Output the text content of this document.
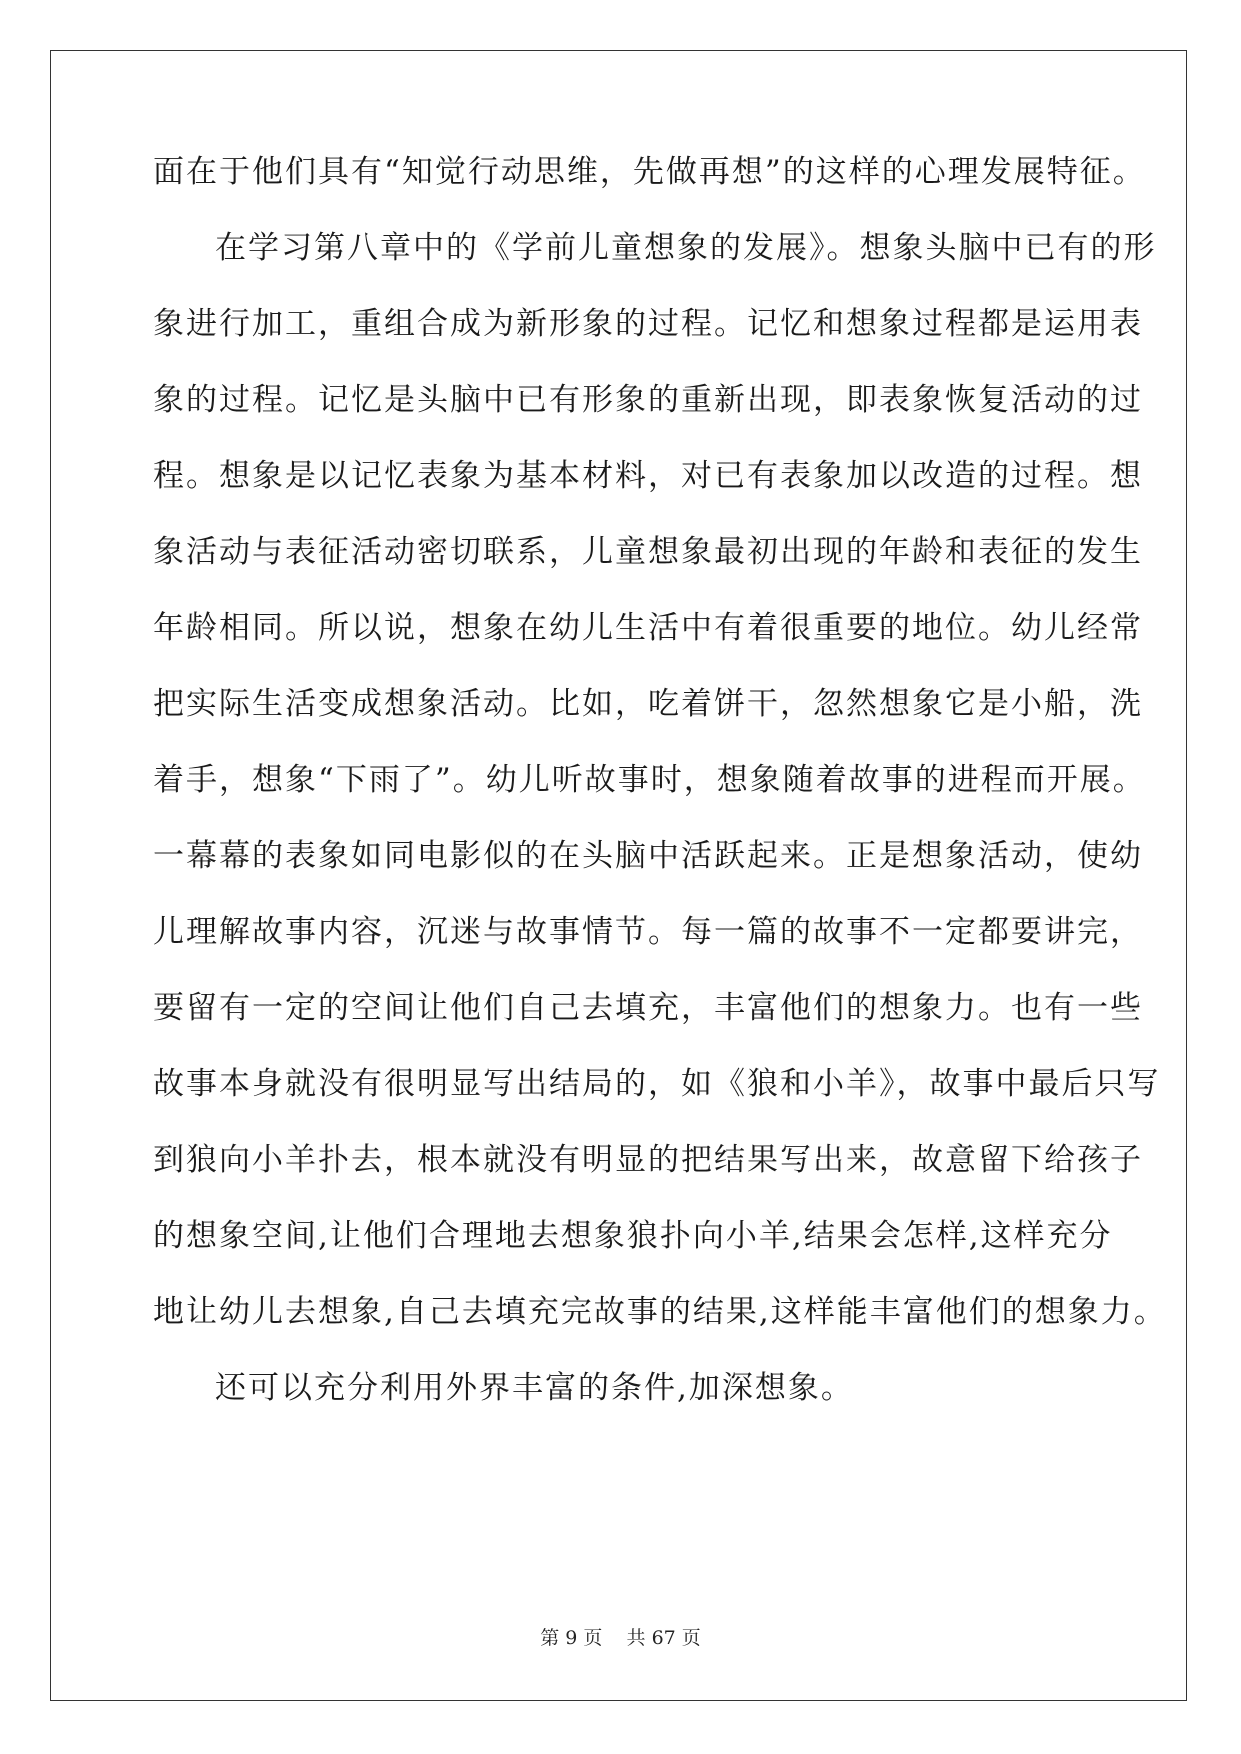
面在于他们具有“知觉行动思维，先做再想”的这样的心理发展特征。
在学习第八章中的《学前儿童想象的发展》。想象头脑中已有的形
象进行加工，重组合成为新形象的过程。记忆和想象过程都是运用表
象的过程。记忆是头脑中已有形象的重新出现，即表象恢复活动的过
程。想象是以记忆表象为基本材料，对已有表象加以改造的过程。想
象活动与表征活动密切联系，儿童想象最初出现的年龄和表征的发生
年龄相同。所以说，想象在幼儿生活中有着很重要的地位。幼儿经常
把实际生活变成想象活动。比如，吃着饼干，忽然想象它是小船，洗
着手，想象“下雨了”。幼儿听故事时，想象随着故事的进程而开展。
一幕幕的表象如同电影似的在头脑中活跃起来。正是想象活动，使幼
儿理解故事内容，沉迷与故事情节。每一篇的故事不一定都要讲完，
要留有一定的空间让他们自己去填充，丰富他们的想象力。也有一些
故事本身就没有很明显写出结局的，如《狼和小羊》，故事中最后只写
到狼向小羊扑去，根本就没有明显的把结果写出来，故意留下给孩子
的想象空间,让他们合理地去想象狼扑向小羊,结果会怎样,这样充分
地让幼儿去想象,自己去填充完故事的结果,这样能丰富他们的想象力。
还可以充分利用外界丰富的条件,加深想象。
第 9 页 共 67 页
